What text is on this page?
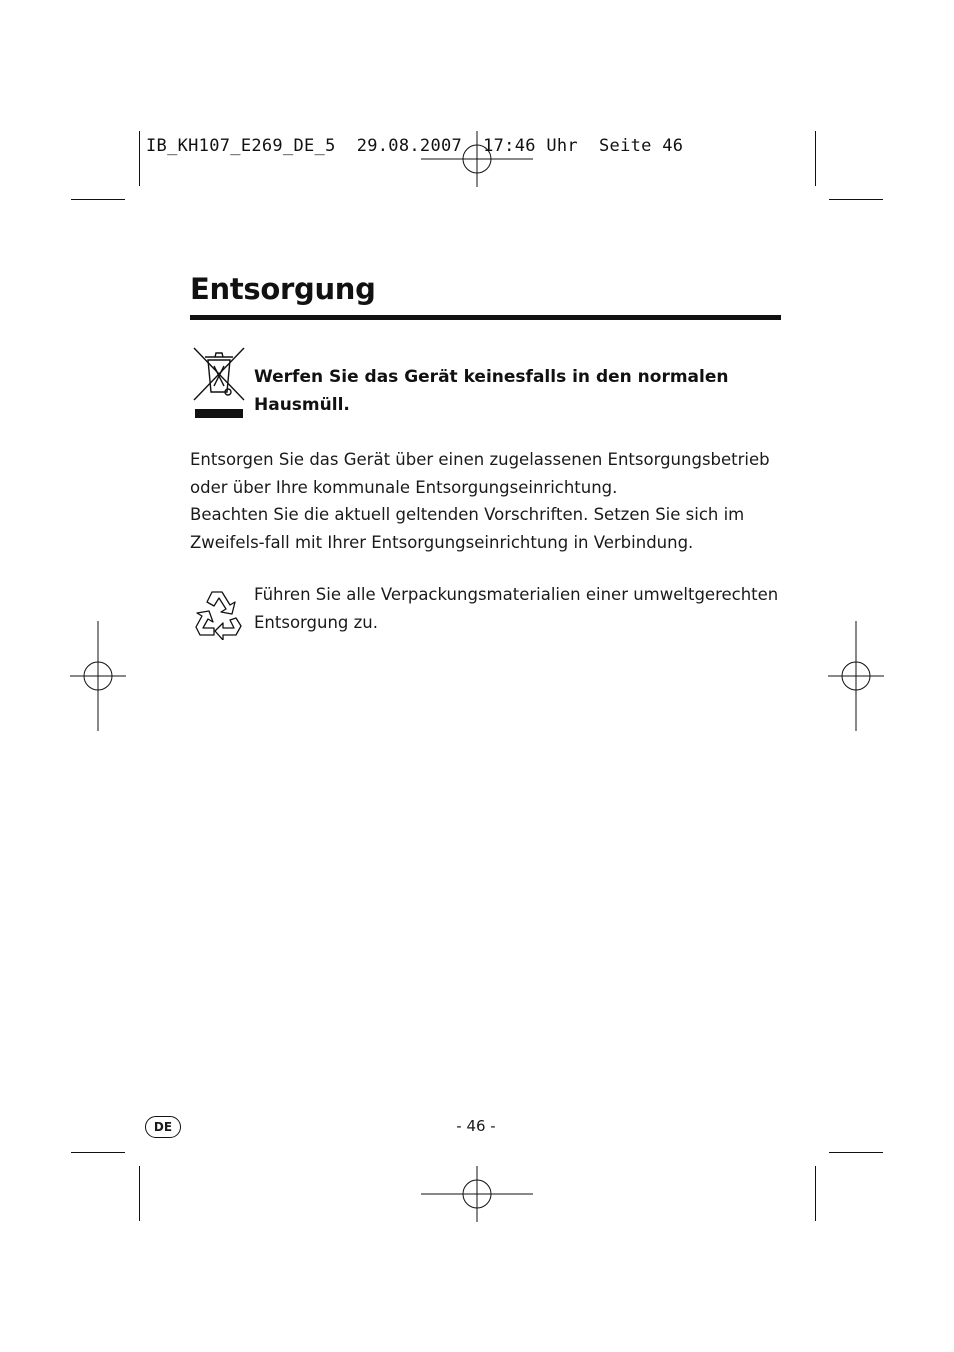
IB_KH107_E269_DE_5  29.08.2007  17:46 Uhr  Seite 46
Entsorgung
Werfen Sie das Gerät keinesfalls in den normalen Hausmüll.

Entsorgen Sie das Gerät über einen zugelassenen Entsorgungsbetrieb oder über Ihre kommunale Entsorgungseinrichtung.

Beachten Sie die aktuell geltenden Vorschriften. Setzen Sie sich im Zweifels-fall mit Ihrer Entsorgungseinrichtung in Verbindung.

Führen Sie alle Verpackungsmaterialien einer umweltgerechten Entsorgung zu.
DE	- 46 -
